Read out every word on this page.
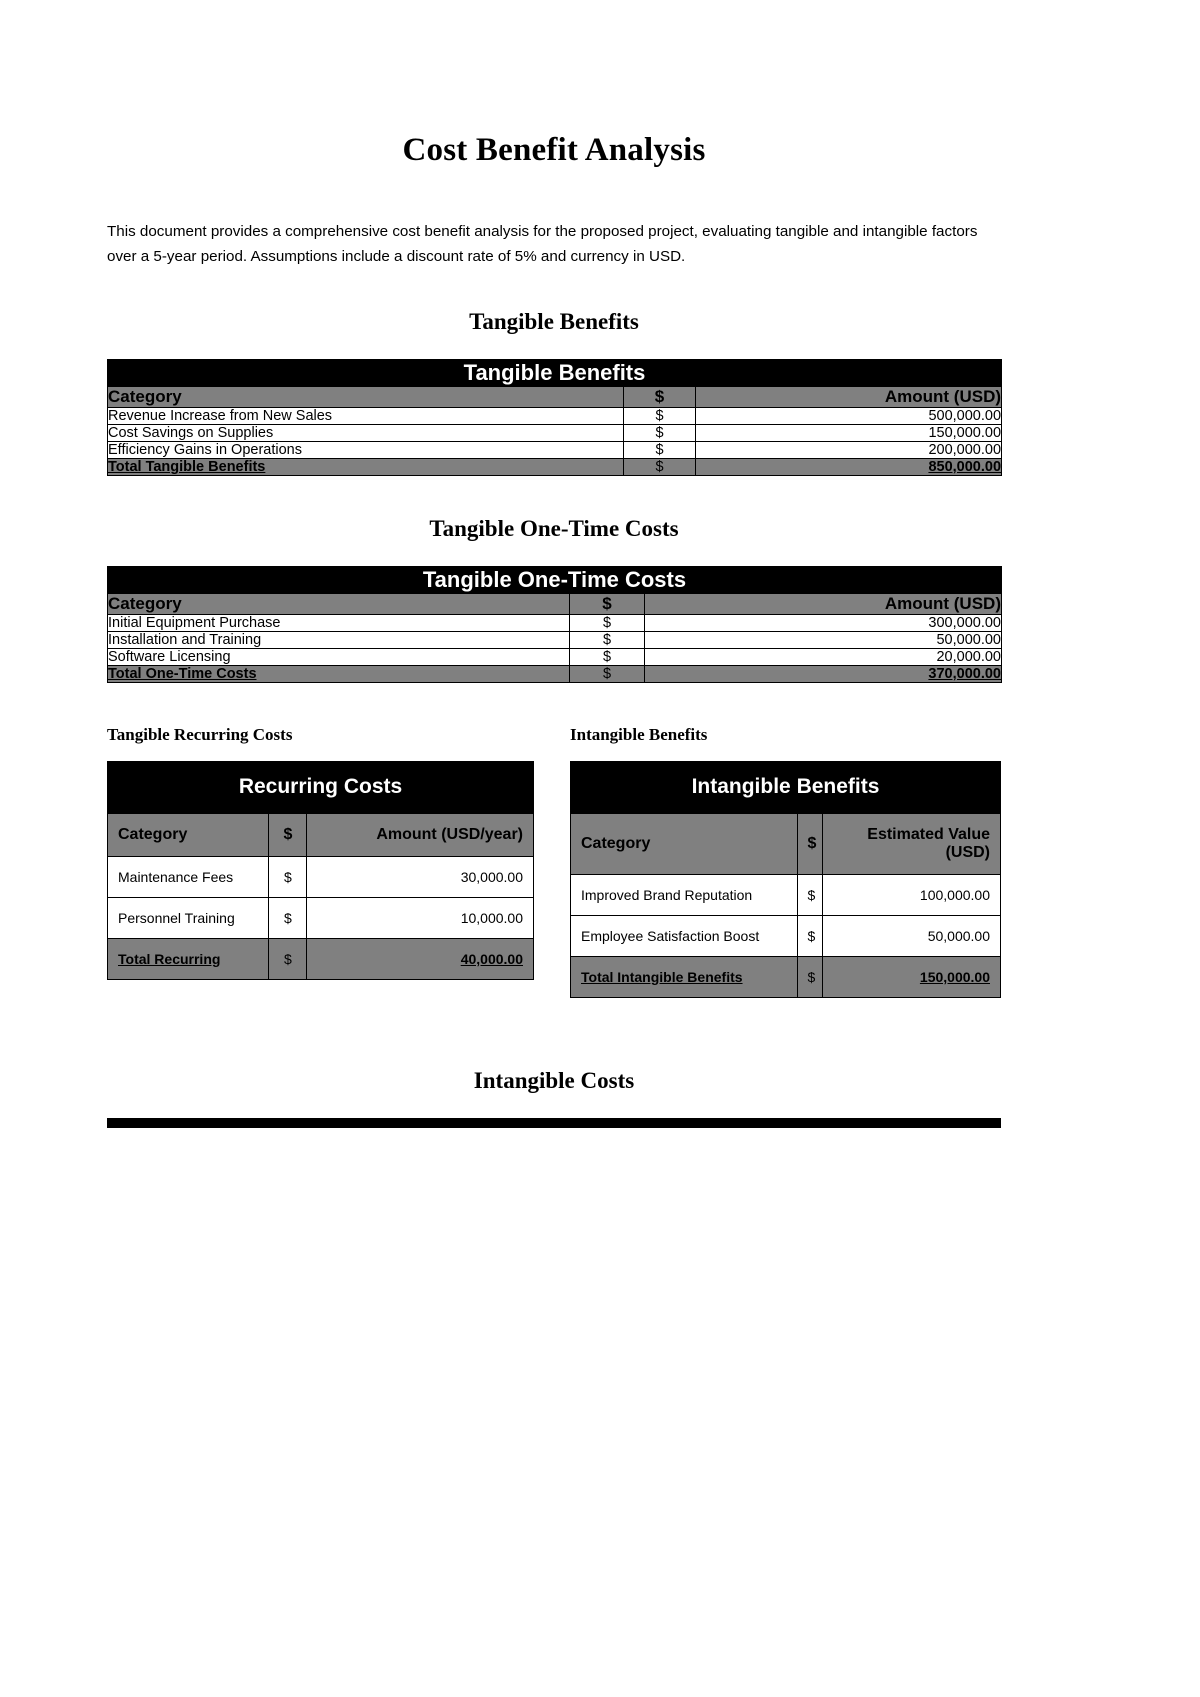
Cost Benefit Analysis

This document provides a comprehensive cost benefit analysis for the proposed project, evaluating tangible and intangible factors over a 5-year period. Assumptions include a discount rate of 5% and currency in USD.

Tangible Benefits
Tangible Benefits		
Category	$	Amount (USD)
Revenue Increase from New Sales	$	500,000.00
Cost Savings on Supplies	$	150,000.00
Efficiency Gains in Operations	$	200,000.00
Total Tangible Benefits	$	850,000.00
Tangible One-Time Costs
Tangible One-Time Costs		
Category	$	Amount (USD)
Initial Equipment Purchase	$	300,000.00
Installation and Training	$	50,000.00
Software Licensing	$	20,000.00
Total One-Time Costs	$	370,000.00
Tangible Recurring Costs
Recurring Costs		
Category	$	Amount (USD/year)
Maintenance Fees	$	30,000.00
Personnel Training	$	10,000.00
Total Recurring	$	40,000.00
Intangible Benefits
Intangible Benefits		
Category	$	Estimated Value (USD)
Improved Brand Reputation	$	100,000.00
Employee Satisfaction Boost	$	50,000.00
Total Intangible Benefits	$	150,000.00
Intangible Costs
